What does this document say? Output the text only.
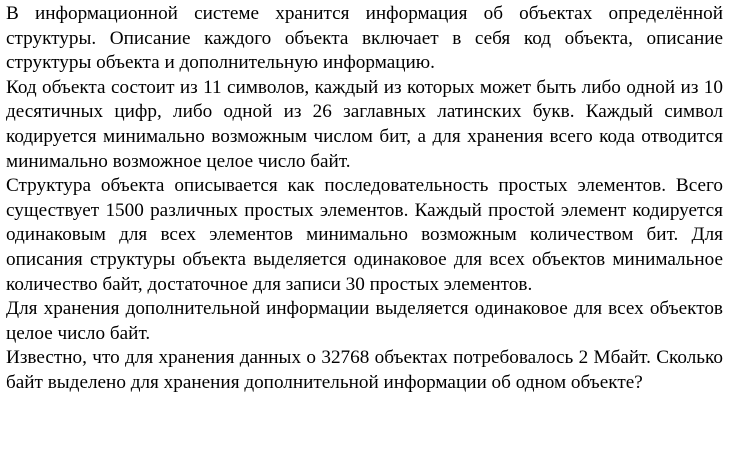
В информационной системе хранится информация об объектах определённой структуры. Описание каждого объекта включает в себя код объекта, описание структуры объекта и дополнительную информацию.

Код объекта состоит из 11 символов, каждый из которых может быть либо одной из 10 десятичных цифр, либо одной из 26 заглавных латинских букв. Каждый символ кодируется минимально возможным числом бит, а для хранения всего кода отводится минимально возможное целое число байт.

Структура объекта описывается как последовательность простых элементов. Всего существует 1500 различных простых элементов. Каждый простой элемент кодируется одинаковым для всех элементов минимально возможным количеством бит. Для описания структуры объекта выделяется одинаковое для всех объектов минимальное количество байт, достаточное для записи 30 простых элементов.

Для хранения дополнительной информации выделяется одинаковое для всех объектов целое число байт.

Известно, что для хранения данных о 32768 объектах потребовалось 2 Мбайт. Сколько байт выделено для хранения дополнительной информации об одном объекте?
